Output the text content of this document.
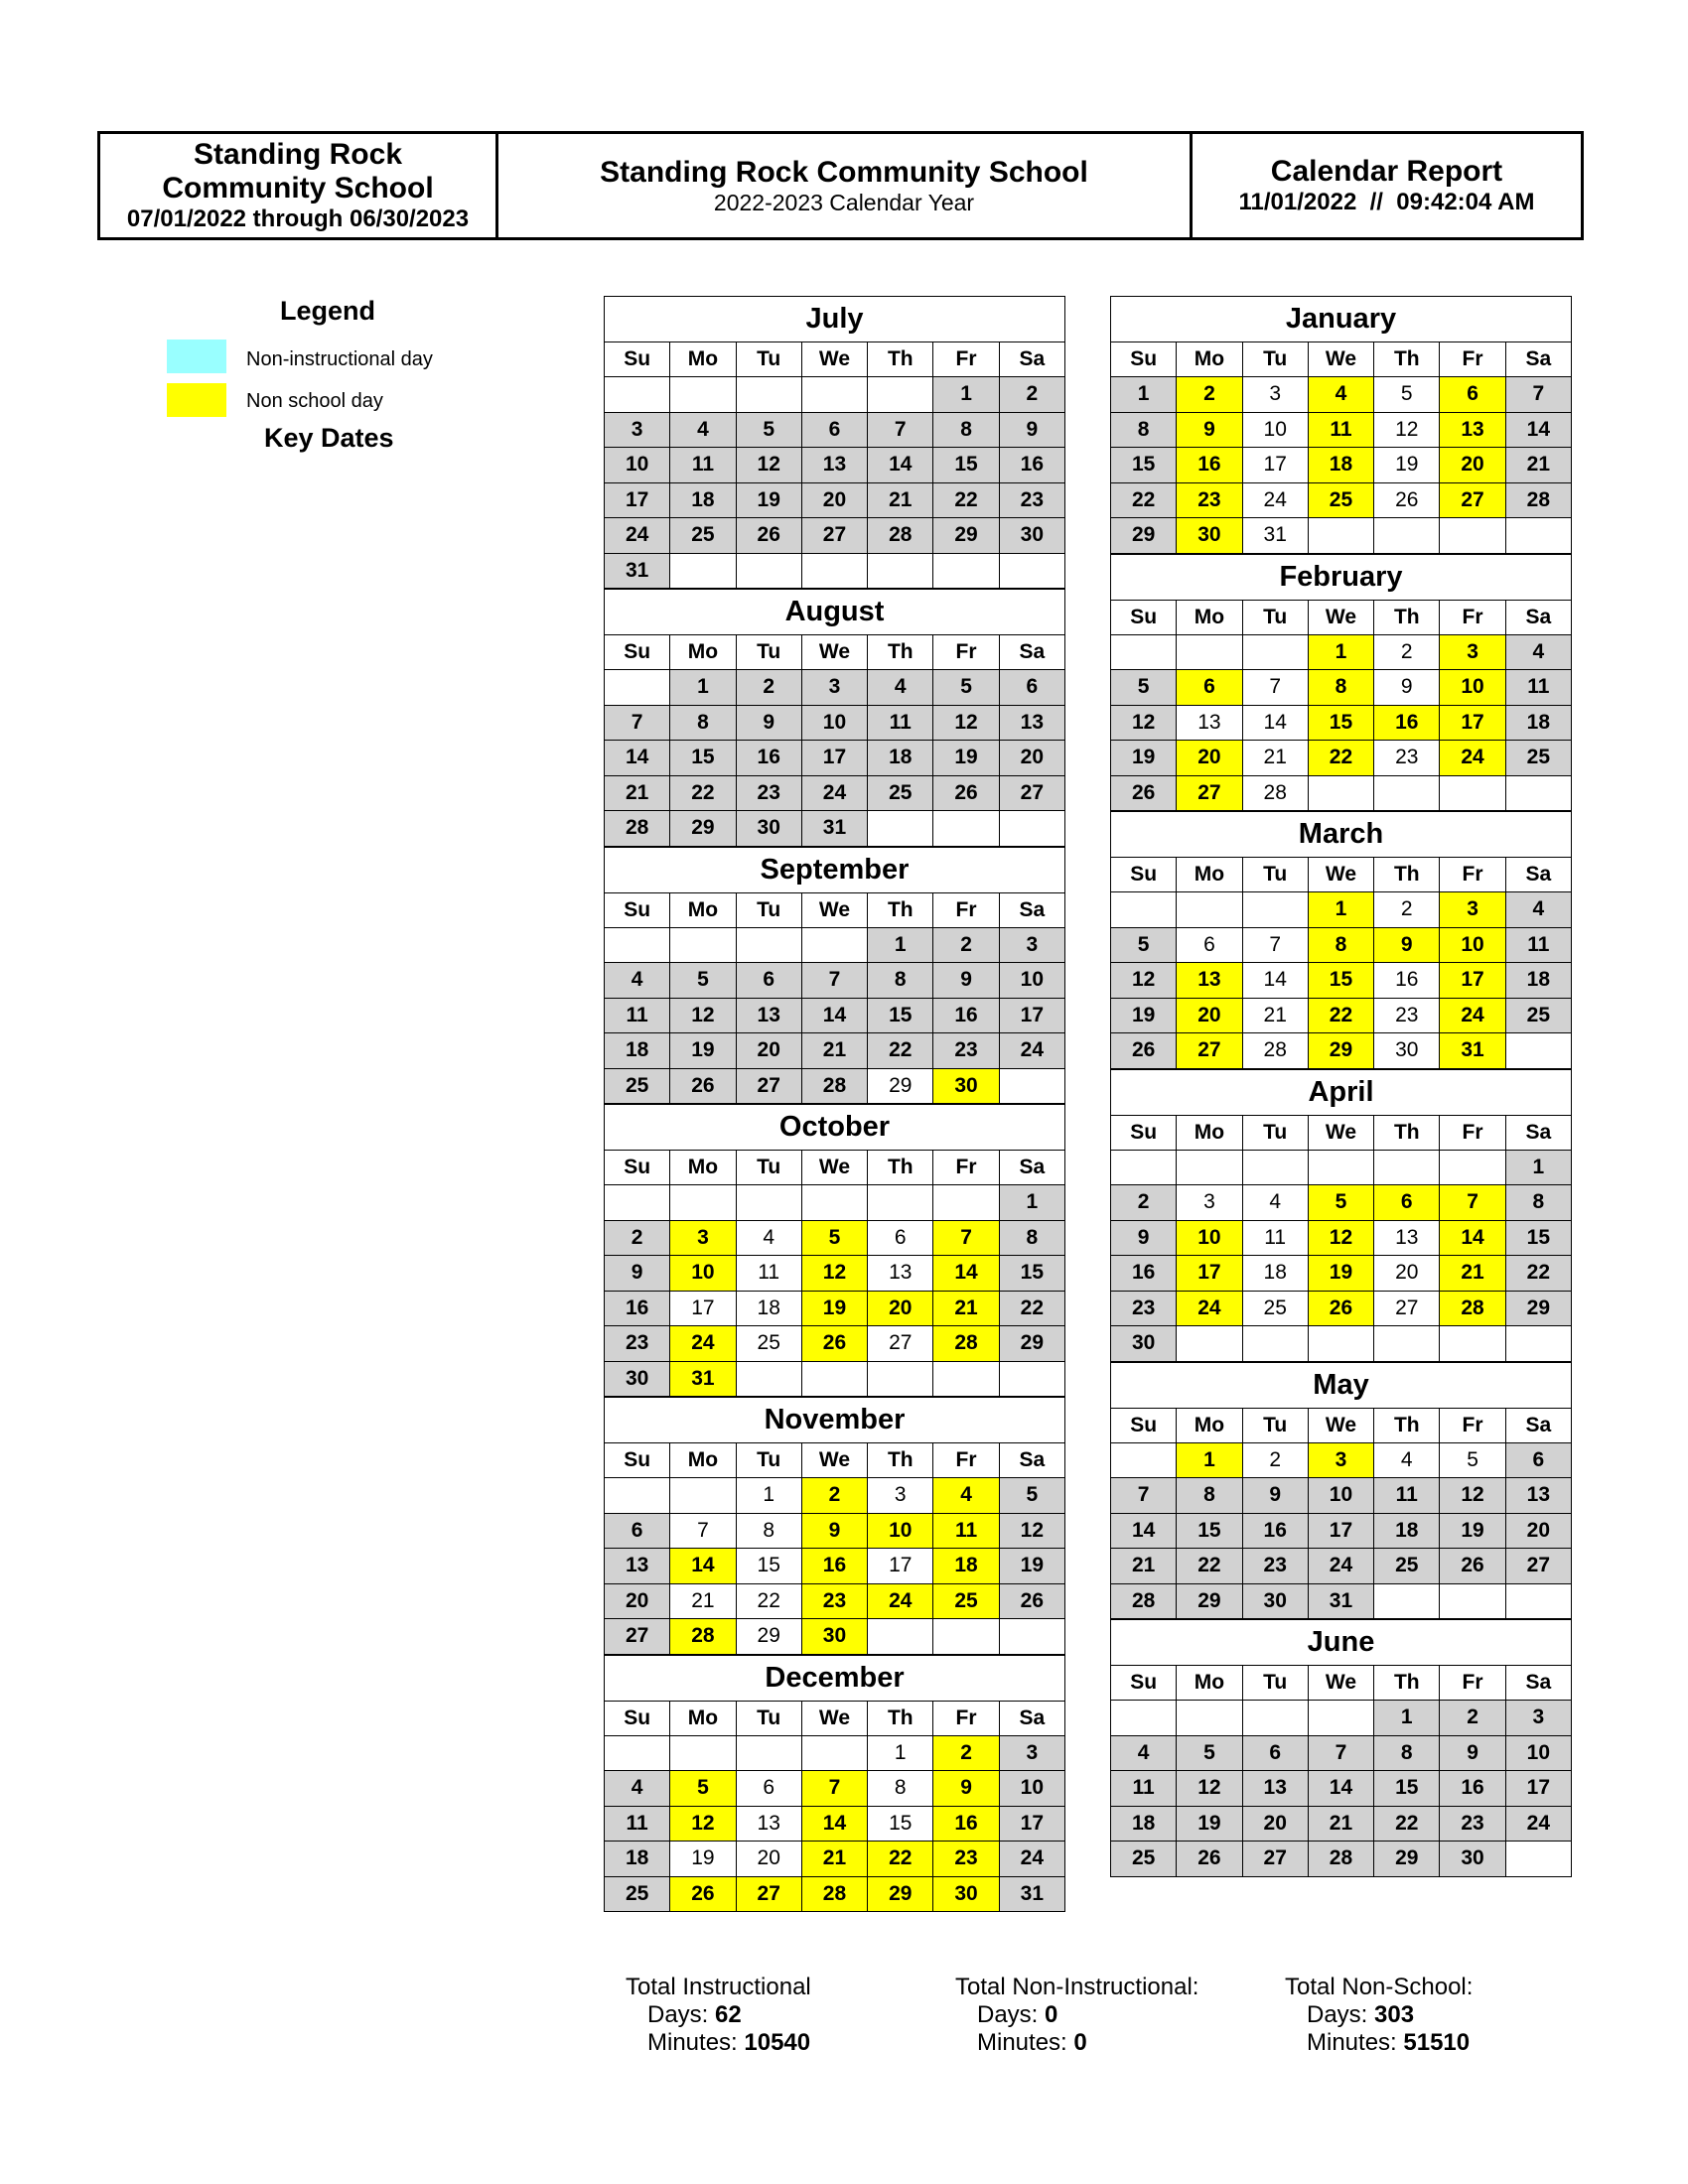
Standing Rock
Community School
07/01/2022 through 06/30/2023
Standing Rock Community School
2022-2023 Calendar Year
Calendar Report
11/01/2022  //  09:42:04 AM
Legend
Non-instructional day
Non school day
Key Dates
July
Su	Mo	Tu	We	Th	Fr	Sa
					1	2
3	4	5	6	7	8	9
10	11	12	13	14	15	16
17	18	19	20	21	22	23
24	25	26	27	28	29	30
31						
August
Su	Mo	Tu	We	Th	Fr	Sa
	1	2	3	4	5	6
7	8	9	10	11	12	13
14	15	16	17	18	19	20
21	22	23	24	25	26	27
28	29	30	31			
September
Su	Mo	Tu	We	Th	Fr	Sa
				1	2	3
4	5	6	7	8	9	10
11	12	13	14	15	16	17
18	19	20	21	22	23	24
25	26	27	28	29	30	
October
Su	Mo	Tu	We	Th	Fr	Sa
						1
2	3	4	5	6	7	8
9	10	11	12	13	14	15
16	17	18	19	20	21	22
23	24	25	26	27	28	29
30	31					
November
Su	Mo	Tu	We	Th	Fr	Sa
		1	2	3	4	5
6	7	8	9	10	11	12
13	14	15	16	17	18	19
20	21	22	23	24	25	26
27	28	29	30			
December
Su	Mo	Tu	We	Th	Fr	Sa
				1	2	3
4	5	6	7	8	9	10
11	12	13	14	15	16	17
18	19	20	21	22	23	24
25	26	27	28	29	30	31
January
Su	Mo	Tu	We	Th	Fr	Sa
1	2	3	4	5	6	7
8	9	10	11	12	13	14
15	16	17	18	19	20	21
22	23	24	25	26	27	28
29	30	31				
February
Su	Mo	Tu	We	Th	Fr	Sa
			1	2	3	4
5	6	7	8	9	10	11
12	13	14	15	16	17	18
19	20	21	22	23	24	25
26	27	28				
March
Su	Mo	Tu	We	Th	Fr	Sa
			1	2	3	4
5	6	7	8	9	10	11
12	13	14	15	16	17	18
19	20	21	22	23	24	25
26	27	28	29	30	31	
April
Su	Mo	Tu	We	Th	Fr	Sa
						1
2	3	4	5	6	7	8
9	10	11	12	13	14	15
16	17	18	19	20	21	22
23	24	25	26	27	28	29
30						
May
Su	Mo	Tu	We	Th	Fr	Sa
	1	2	3	4	5	6
7	8	9	10	11	12	13
14	15	16	17	18	19	20
21	22	23	24	25	26	27
28	29	30	31			
June
Su	Mo	Tu	We	Th	Fr	Sa
				1	2	3
4	5	6	7	8	9	10
11	12	13	14	15	16	17
18	19	20	21	22	23	24
25	26	27	28	29	30	
Total Instructional
Days: 62
Minutes: 10540
Total Non-Instructional:
Days: 0
Minutes: 0
Total Non-School:
Days: 303
Minutes: 51510
